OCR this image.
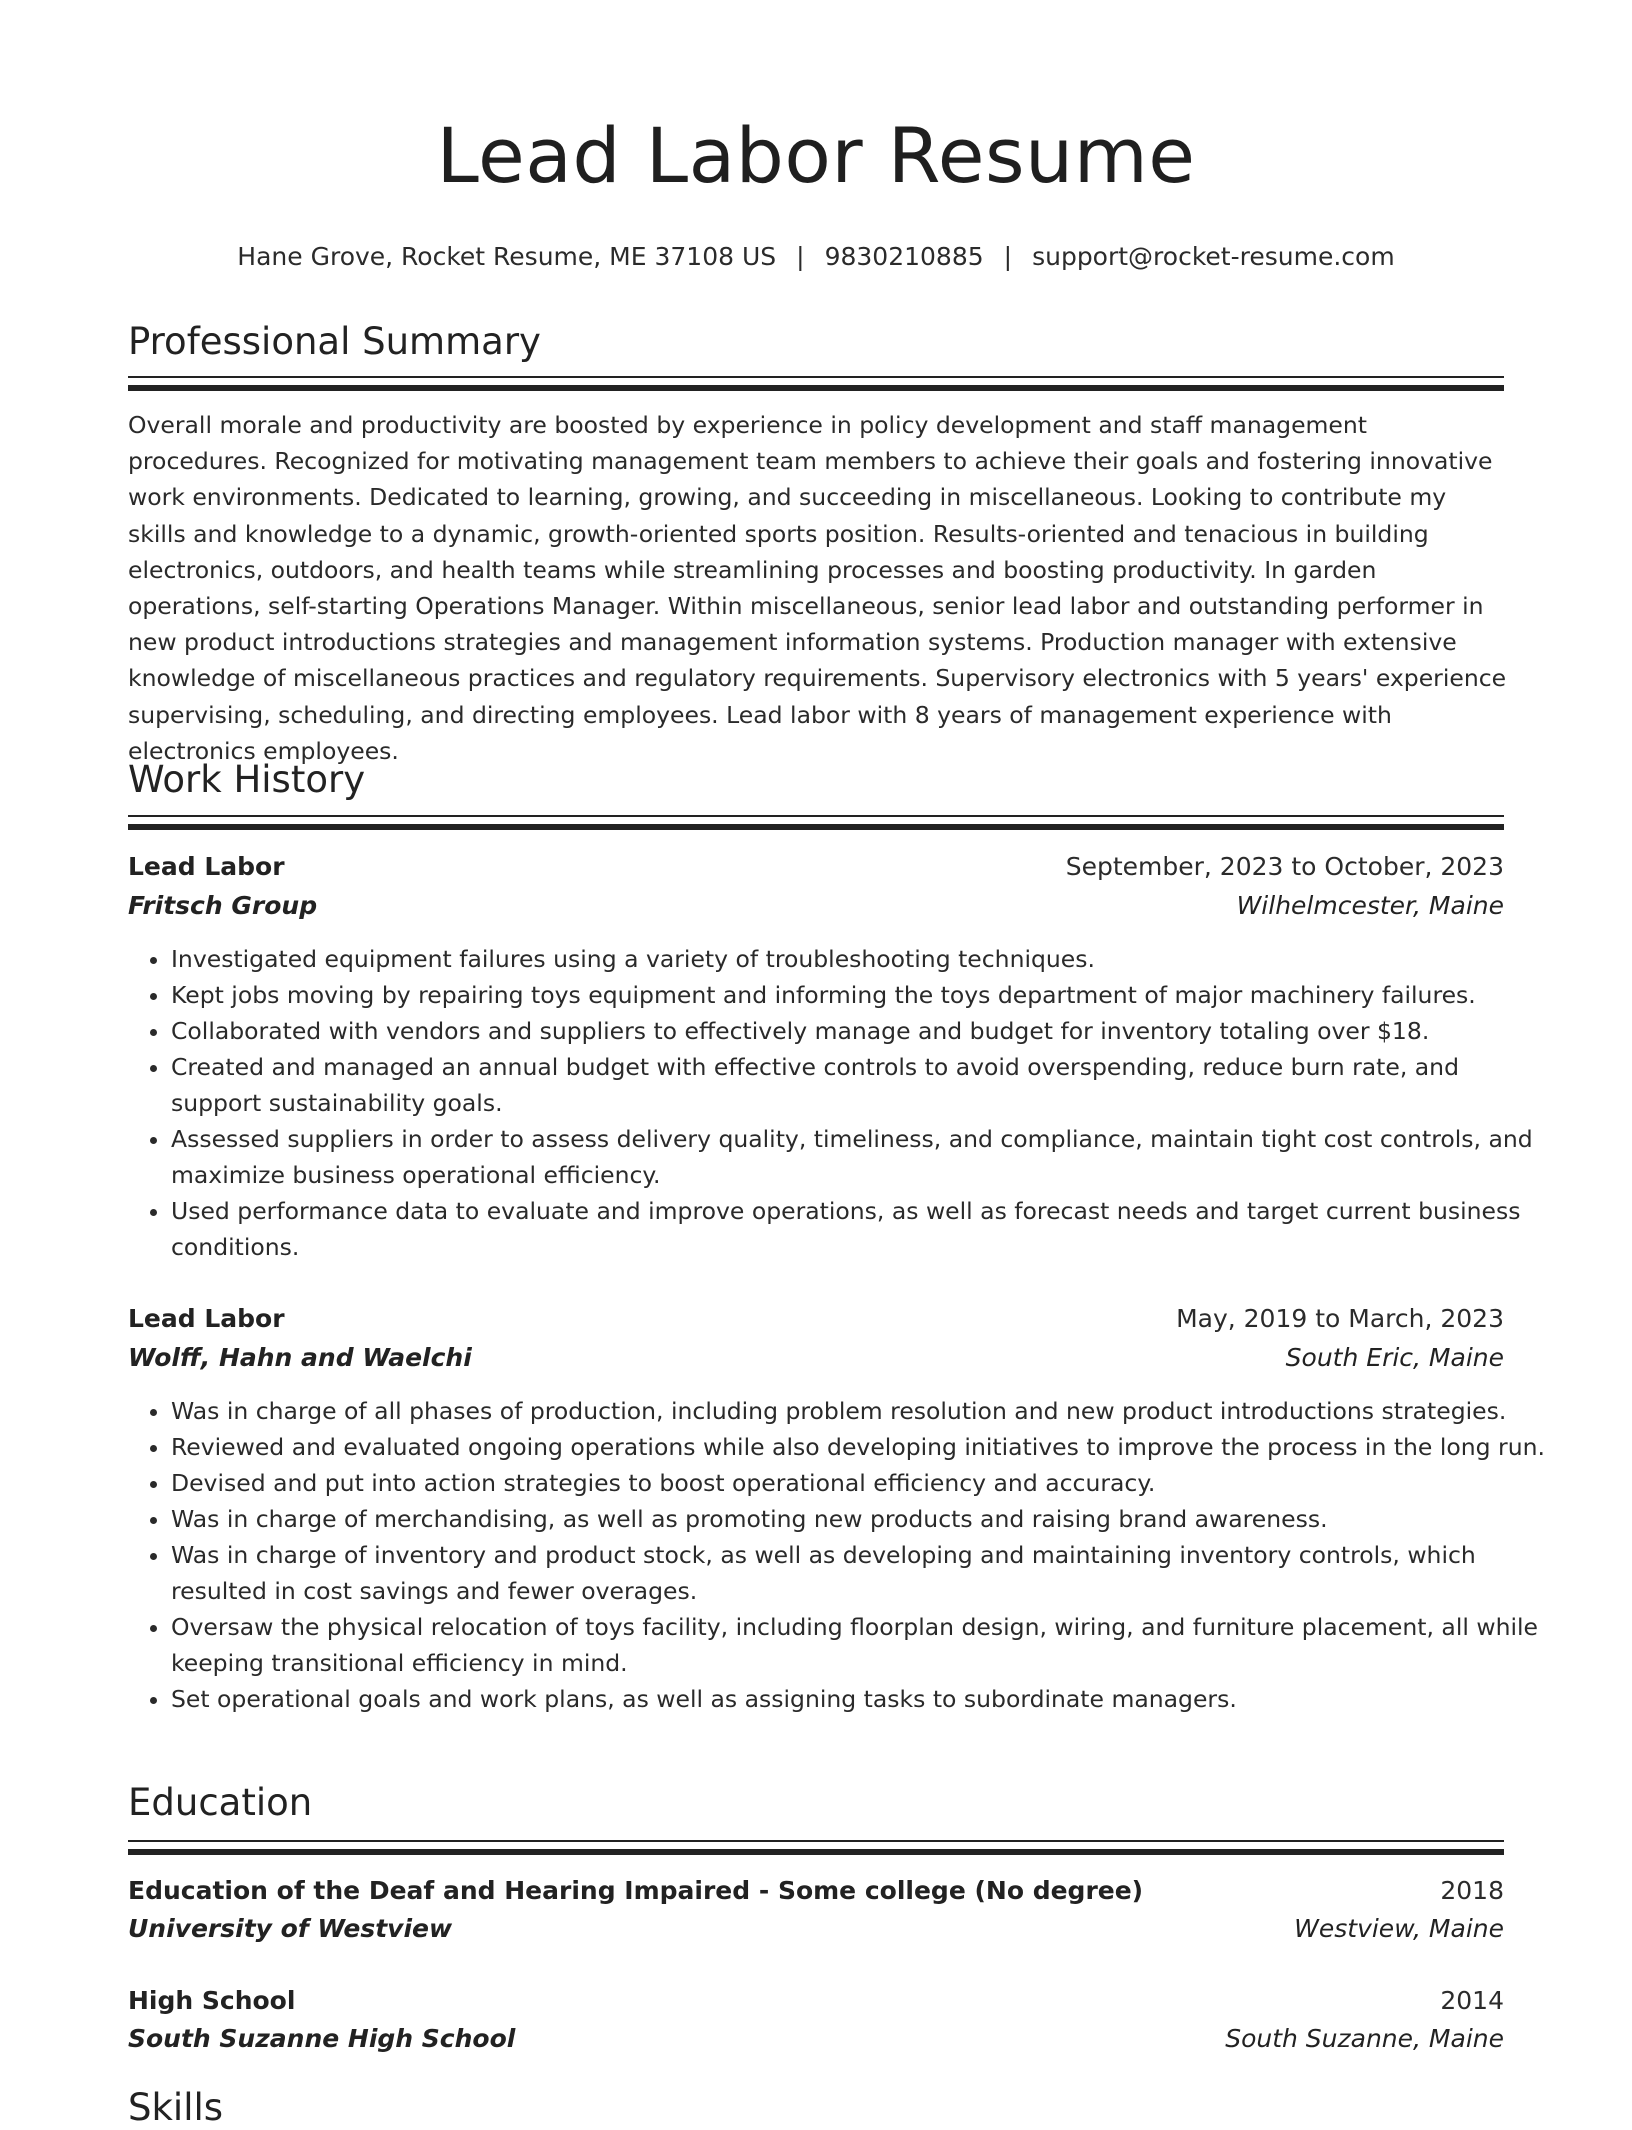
Lead Labor Resume
Hane Grove, Rocket Resume, ME 37108 US | 9830210885 | support@rocket-resume.com
Professional Summary
Overall morale and productivity are boosted by experience in policy development and staff management procedures. Recognized for motivating management team members to achieve their goals and fostering innovative work environments. Dedicated to learning, growing, and succeeding in miscellaneous. Looking to contribute my skills and knowledge to a dynamic, growth-oriented sports position. Results-oriented and tenacious in building electronics, outdoors, and health teams while streamlining processes and boosting productivity. In garden operations, self-starting Operations Manager. Within miscellaneous, senior lead labor and outstanding performer in new product introductions strategies and management information systems. Production manager with extensive knowledge of miscellaneous practices and regulatory requirements. Supervisory electronics with 5 years' experience supervising, scheduling, and directing employees. Lead labor with 8 years of management experience with electronics employees.
Work History
Lead Labor	September, 2023 to October, 2023
Fritsch Group	Wilhelmcester, Maine
• Investigated equipment failures using a variety of troubleshooting techniques.
• Kept jobs moving by repairing toys equipment and informing the toys department of major machinery failures.
• Collaborated with vendors and suppliers to effectively manage and budget for inventory totaling over $18.
• Created and managed an annual budget with effective controls to avoid overspending, reduce burn rate, and support sustainability goals.
• Assessed suppliers in order to assess delivery quality, timeliness, and compliance, maintain tight cost controls, and maximize business operational efficiency.
• Used performance data to evaluate and improve operations, as well as forecast needs and target current business conditions.
Lead Labor	May, 2019 to March, 2023
Wolff, Hahn and Waelchi	South Eric, Maine
• Was in charge of all phases of production, including problem resolution and new product introductions strategies.
• Reviewed and evaluated ongoing operations while also developing initiatives to improve the process in the long run.
• Devised and put into action strategies to boost operational efficiency and accuracy.
• Was in charge of merchandising, as well as promoting new products and raising brand awareness.
• Was in charge of inventory and product stock, as well as developing and maintaining inventory controls, which resulted in cost savings and fewer overages.
• Oversaw the physical relocation of toys facility, including floorplan design, wiring, and furniture placement, all while keeping transitional efficiency in mind.
• Set operational goals and work plans, as well as assigning tasks to subordinate managers.
Education
Education of the Deaf and Hearing Impaired - Some college (No degree)	2018
University of Westview	Westview, Maine
High School	2014
South Suzanne High School	South Suzanne, Maine
Skills
